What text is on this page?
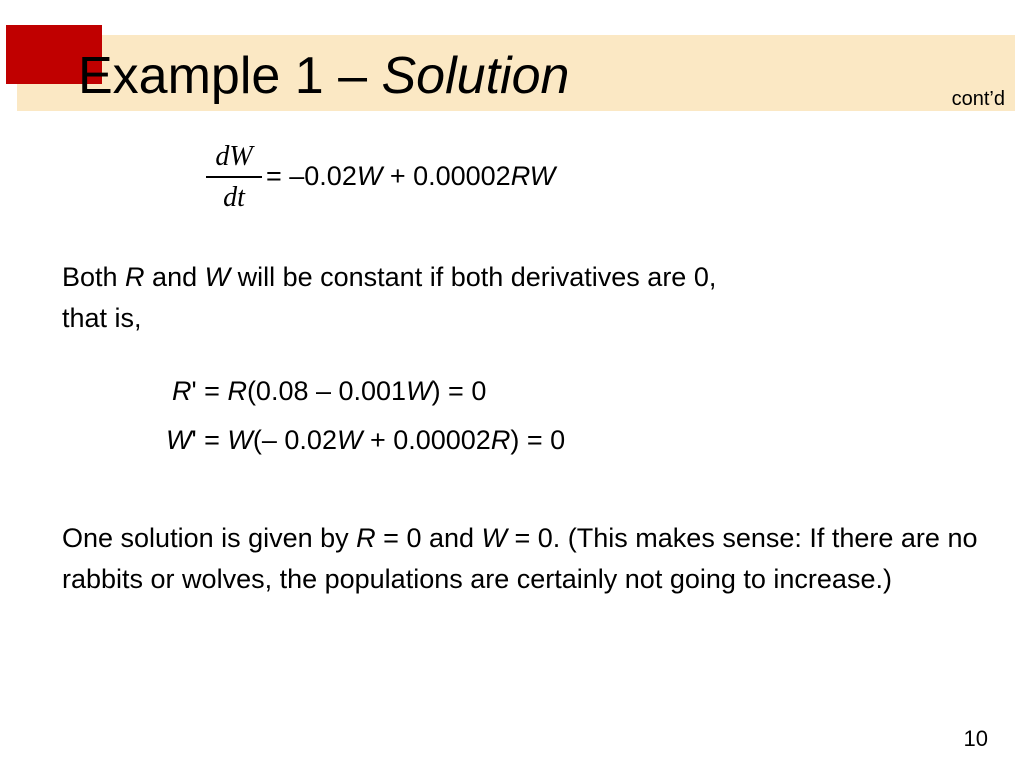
Example 1 – Solution	cont’d
dW
dt
= –0.02W + 0.00002RW
Both R and W will be constant if both derivatives are 0,
that is,
R' = R(0.08 – 0.001W) = 0
W' = W(– 0.02W + 0.00002R) = 0
One solution is given by R = 0 and W = 0. (This makes sense: If there are no rabbits or wolves, the populations are certainly not going to increase.)
10
